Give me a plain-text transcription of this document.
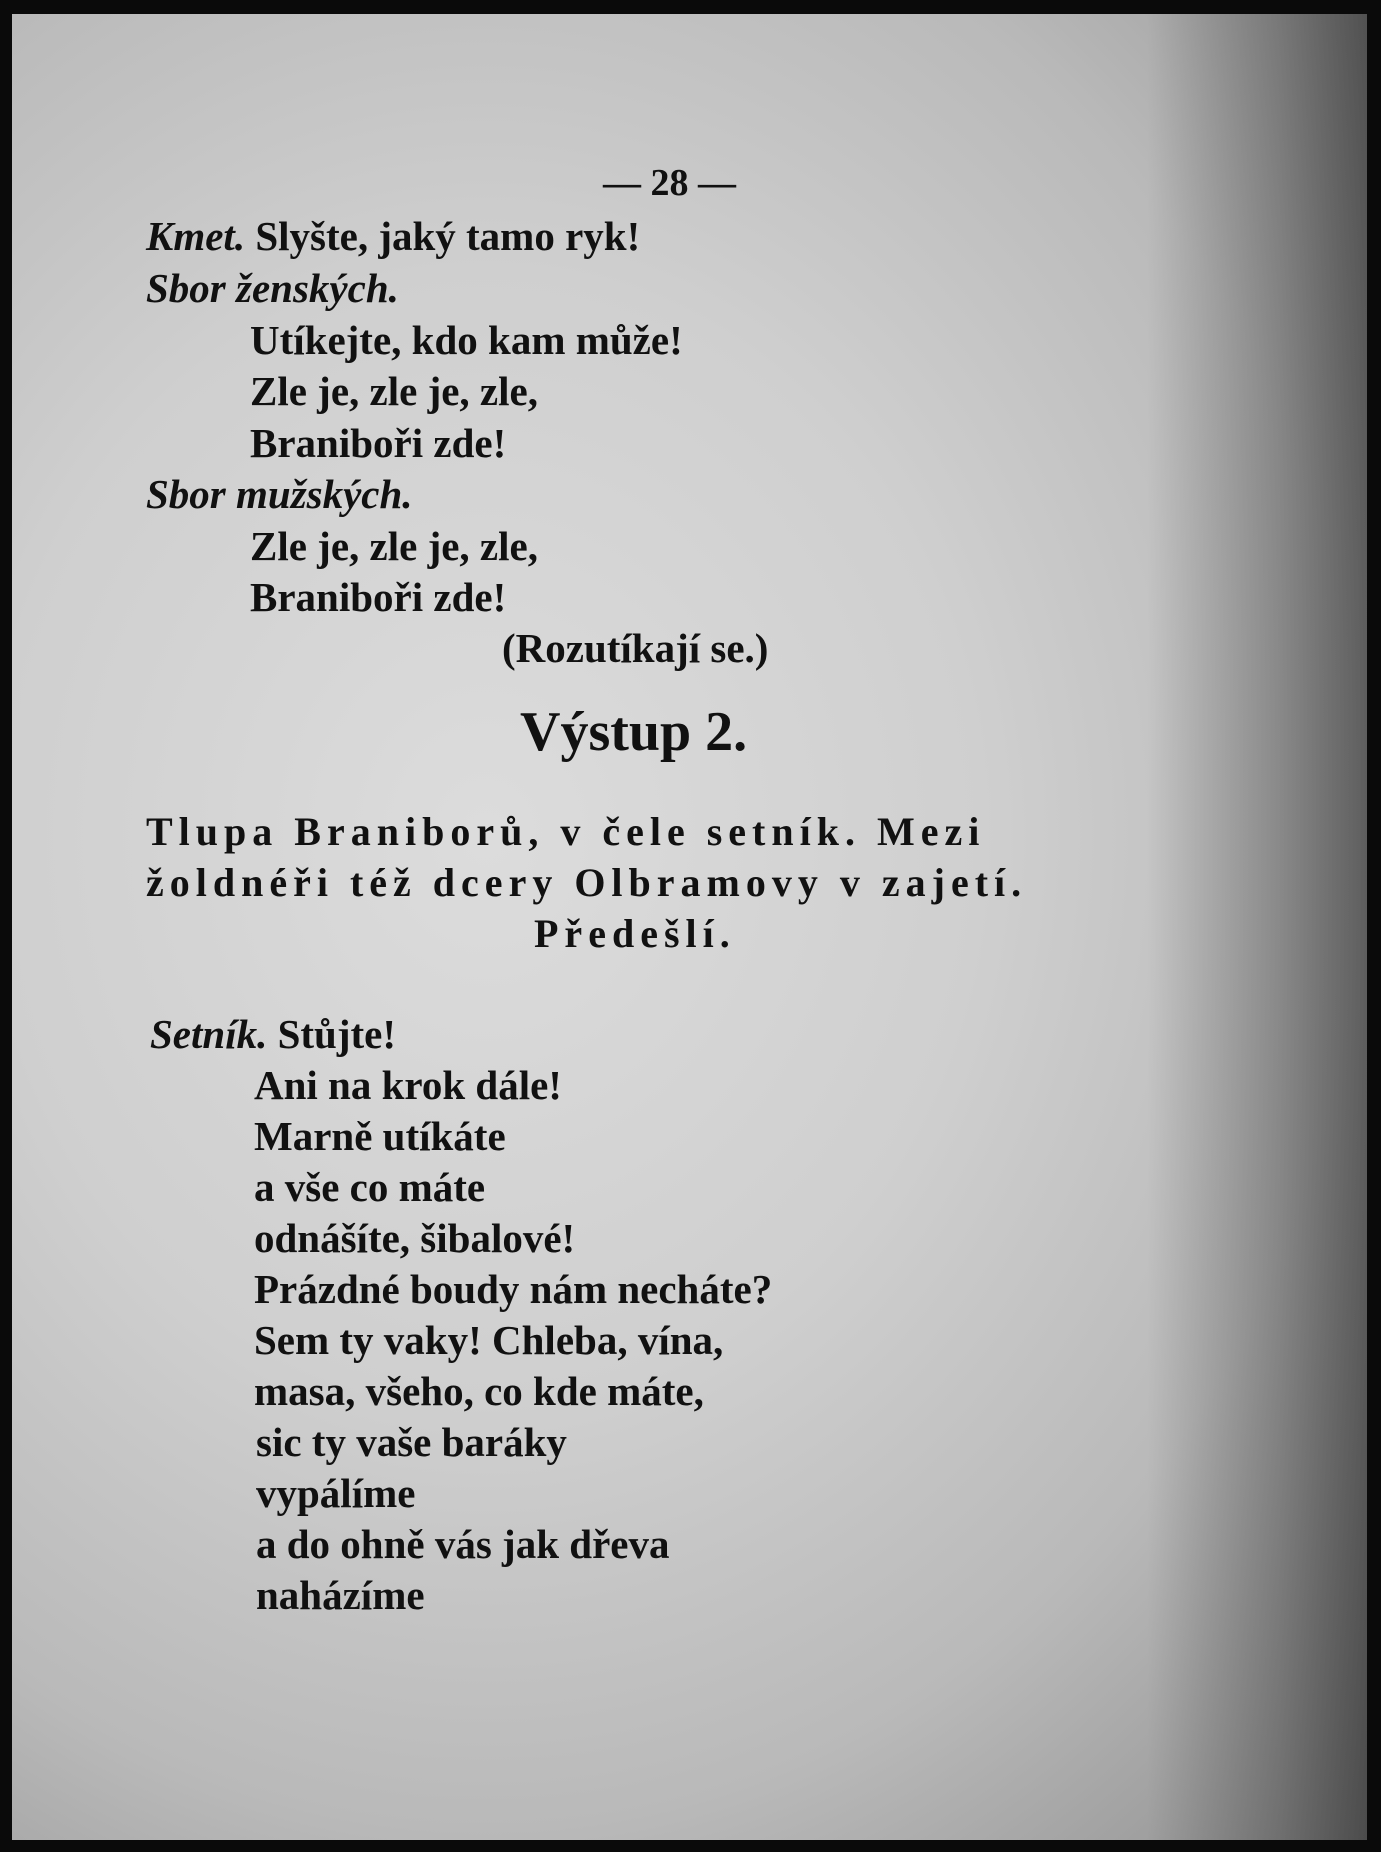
— 28 —
Kmet. Slyšte, jaký tamo ryk!
Sbor ženských.
Utíkejte, kdo kam může!
Zle je, zle je, zle,
Braniboři zde!
Sbor mužských.
Zle je, zle je, zle,
Braniboři zde!
(Rozutíkají se.)
Výstup 2.
Tlupa Braniborů, v čele setník. Mezi
žoldnéři též dcery Olbramovy v zajetí.
Předešlí.
Setník. Stůjte!
Ani na krok dále!
Marně utíkáte
a vše co máte
odnášíte, šibalové!
Prázdné boudy nám necháte?
Sem ty vaky! Chleba, vína,
masa, všeho, co kde máte,
sic ty vaše baráky
vypálíme
a do ohně vás jak dřeva
naházíme
